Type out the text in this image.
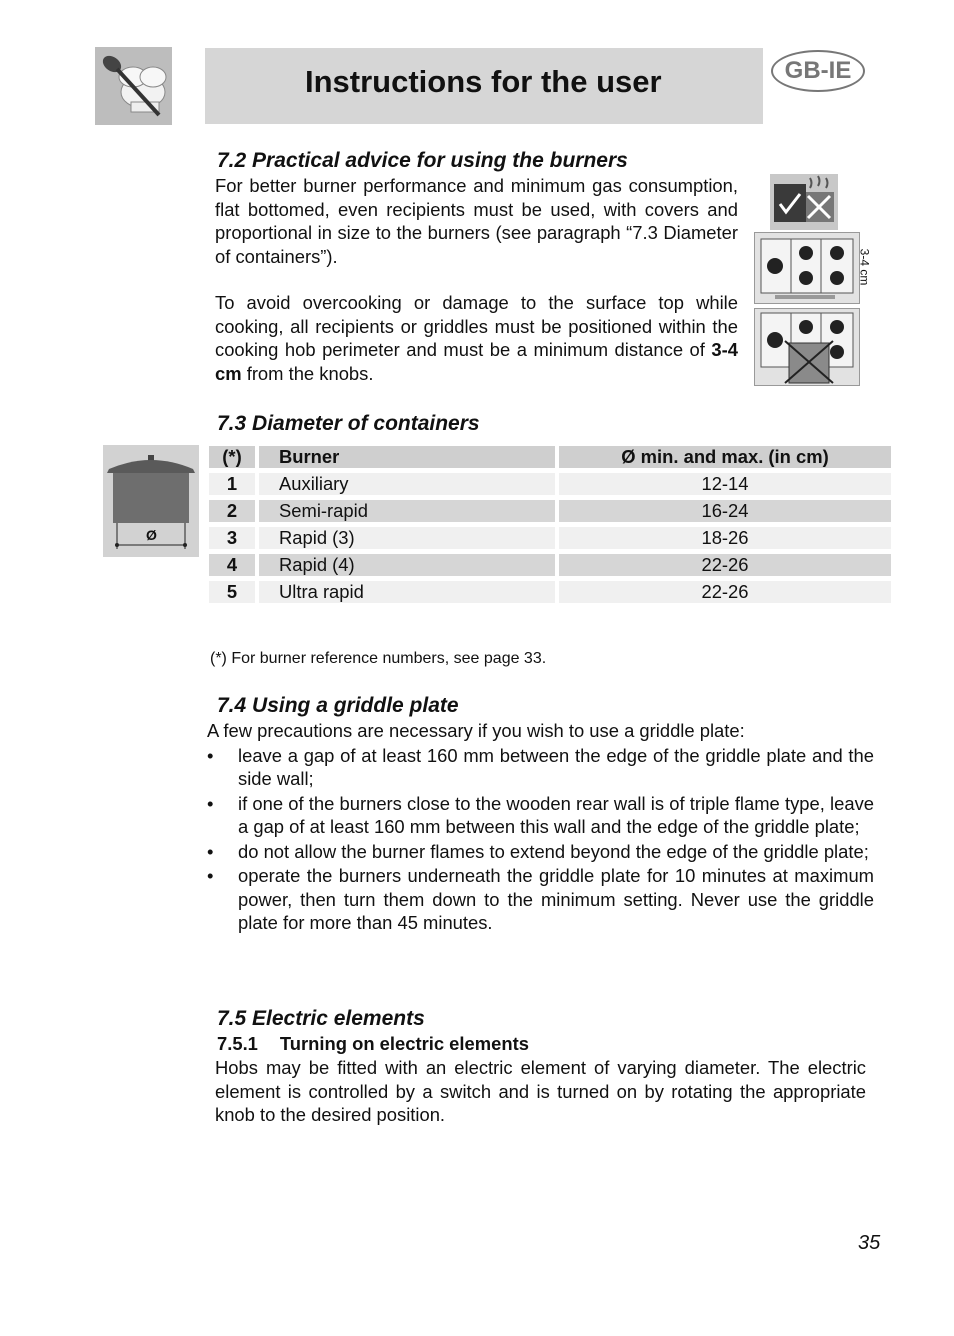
Instructions for the user	GB-IE
7.2 Practical advice for using the burners

For better burner performance and minimum gas consumption, flat bottomed, even recipients must be used, with covers and proportional in size to the burners (see paragraph “7.3 Diameter of containers”).

To avoid overcooking or damage to the surface top while cooking, all recipients or griddles must be positioned within the cooking hob perimeter and must be a minimum distance of 3-4 cm from the knobs.

3-4 cm
7.3 Diameter of containers
Ø
(*)	Burner	Ø min. and max. (in cm)
1	Auxiliary	12-14
2	Semi-rapid	16-24
3	Rapid (3)	18-26
4	Rapid (4)	22-26
5	Ultra rapid	22-26
(*) For burner reference numbers, see page 33.
7.4 Using a griddle plate

A few precautions are necessary if you wish to use a griddle plate:

• leave a gap of at least 160 mm between the edge of the griddle plate and the side wall;
• if one of the burners close to the wooden rear wall is of triple flame type, leave a gap of at least 160 mm between this wall and the edge of the griddle plate;
• do not allow the burner flames to extend beyond the edge of the griddle plate;
• operate the burners underneath the griddle plate for 10 minutes at maximum power, then turn them down to the minimum setting. Never use the griddle plate for more than 45 minutes.
7.5 Electric elements
7.5.1 Turning on electric elements

Hobs may be fitted with an electric element of varying diameter. The electric element is controlled by a switch and is turned on by rotating the appropriate knob to the desired position.

35
